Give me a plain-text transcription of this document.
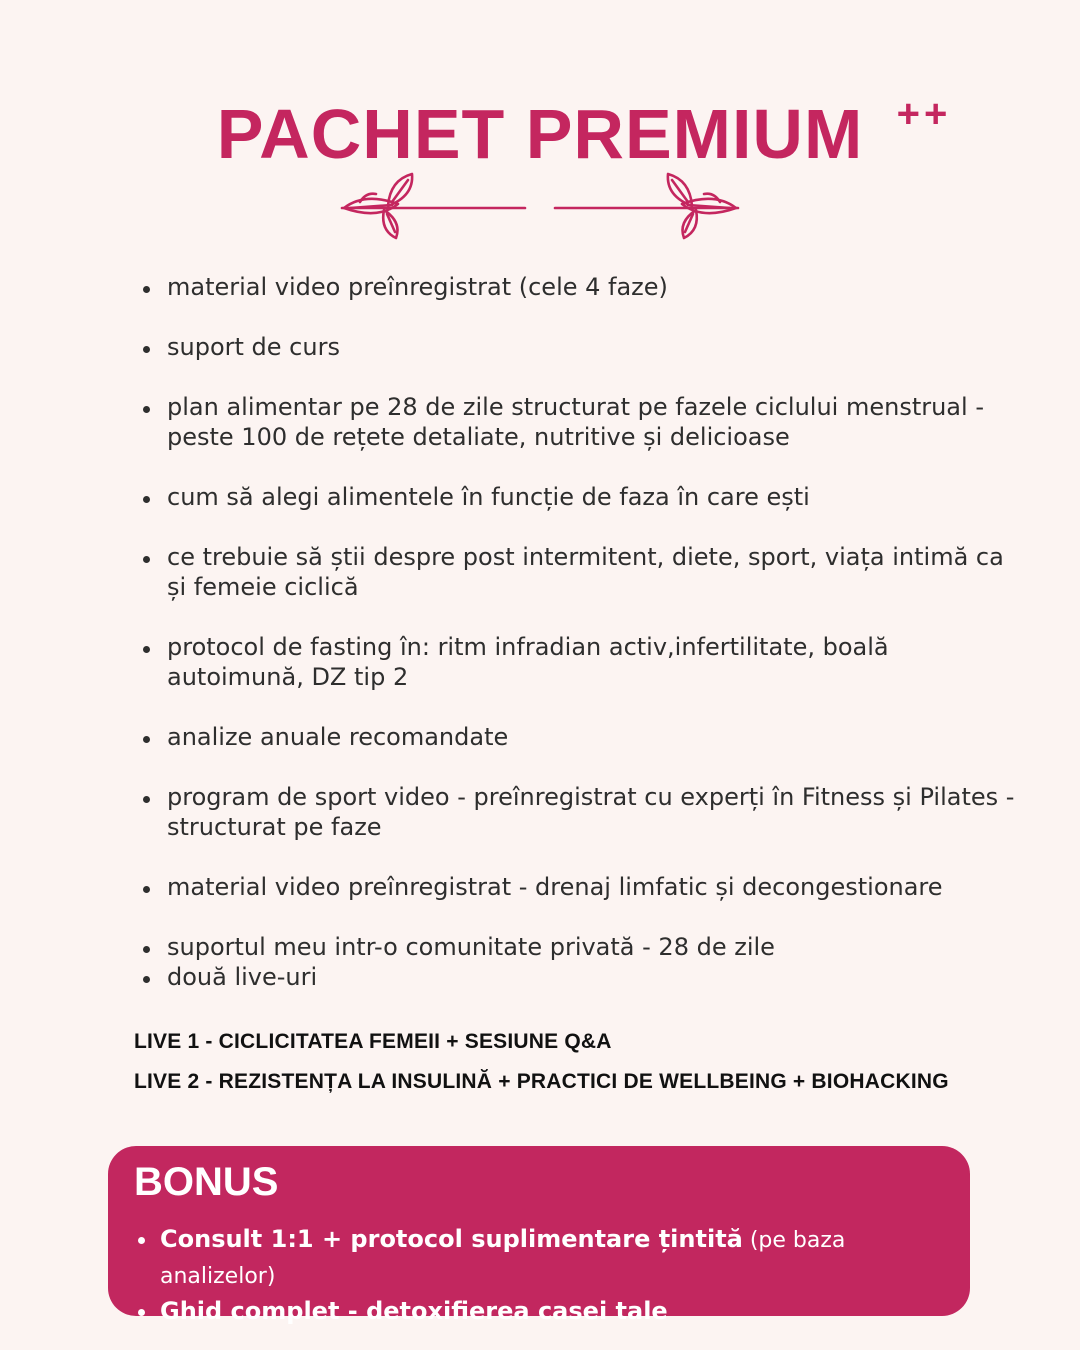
PACHET PREMIUM ++
material video preînregistrat (cele 4 faze)
suport de curs
plan alimentar pe 28 de zile structurat pe fazele ciclului menstrual - peste 100 de rețete detaliate, nutritive și delicioase
cum să alegi alimentele în funcție de faza în care ești
ce trebuie să știi despre post intermitent, diete, sport, viața intimă ca și femeie ciclică
protocol de fasting în: ritm infradian activ,infertilitate, boală autoimună, DZ tip 2
analize anuale recomandate
program de sport video - preînregistrat cu experți în Fitness și Pilates - structurat pe faze
material video preînregistrat - drenaj limfatic și decongestionare
suportul meu intr-o comunitate privată - 28 de zile
două live-uri
LIVE 1 - CICLICITATEA FEMEII + SESIUNE Q&A
LIVE 2 - REZISTENȚA LA INSULINĂ + PRACTICI DE WELLBEING + BIOHACKING
BONUS
Consult 1:1 + protocol suplimentare țintită (pe baza analizelor)
Ghid complet - detoxifierea casei tale
